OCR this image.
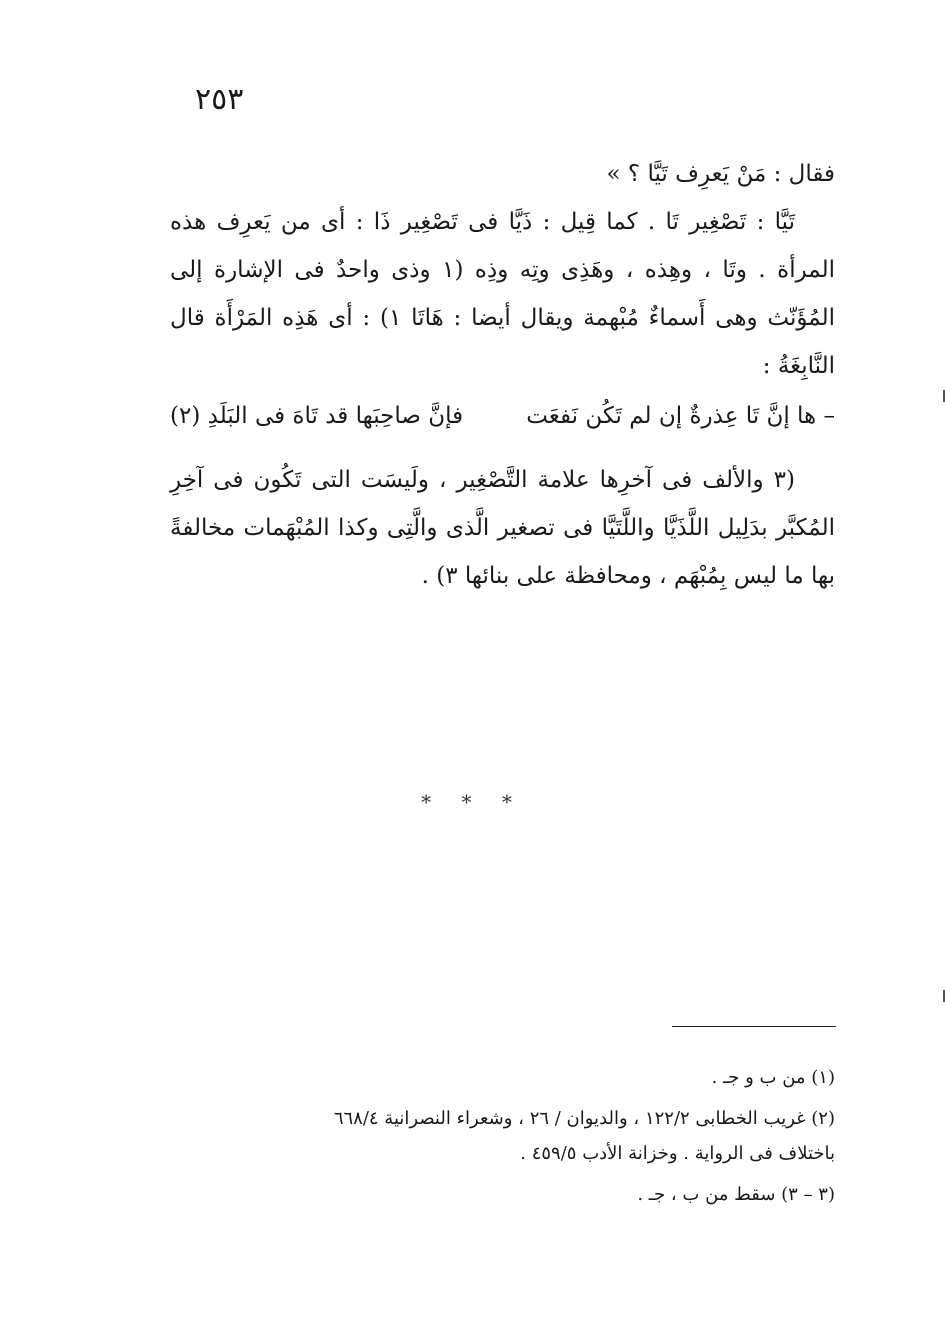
٢٥٣

فقال : مَنْ يَعرِف تَيَّا ؟ »

تَيَّا : تَصْغِير تَا . كما قِيل : ذَيَّا فى تَصْغِير ذَا : أى من يَعرِف هذه المرأة . وتَا ، وهِذه ، وهَذِى وتِه وذِه (١ وذى واحدٌ فى الإشارة إلى المُؤَنّث وهى أَسماءٌ مُبْهمة ويقال أيضا : هَاتَا ١) : أى هَذِه المَرْأَة قال النَّابِغَةُ :

– ها إنَّ تَا عِذرةٌ إن لم تَكُن نَفعَت
فإنَّ صاحِبَها قد تَاهَ فى البَلَدِ (٢)

(٣ والألف فى آخرِها علامة التَّصْغِير ، ولَيسَت التى تَكُون فى آخِرِ المُكبَّر بدَلِيل اللَّذَيَّا واللَّتَيَّا فى تصغير الَّذى والَّتِى وكذا المُبْهَمات مخالفةً بها ما ليس بِمُبْهَم ، ومحافظة على بنائها ٣) .

* * *

(١) من ب و جـ .

(٢) غريب الخطابى ١٢٢/٢ ، والديوان / ٢٦ ، وشعراء النصرانية ٦٦٨/٤

باختلاف فى الرواية . وخزانة الأدب ٤٥٩/٥ .

(٣ – ٣) سقط من ب ، جـ .
